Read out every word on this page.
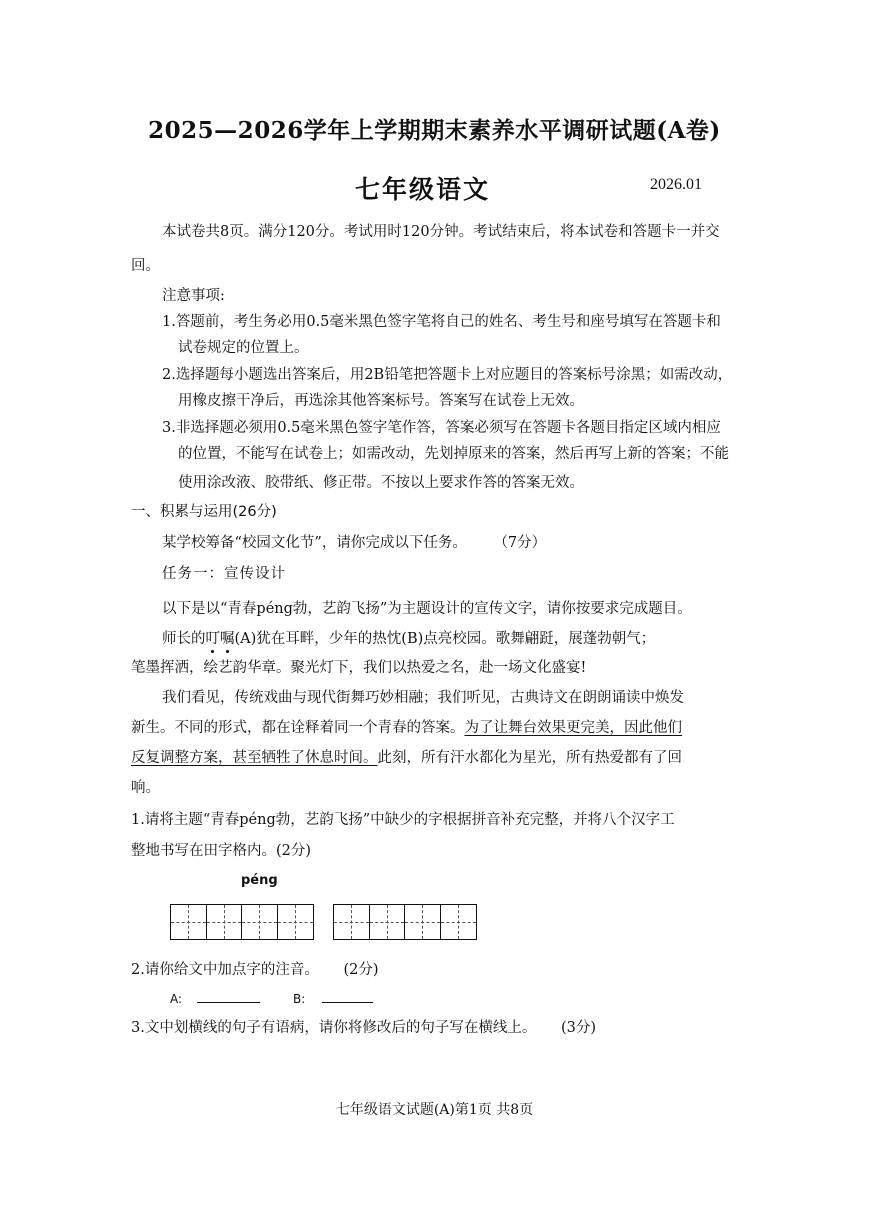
2025—2026学年上学期期末素养水平调研试题(A卷)
七年级语文	2026.01
本试卷共8页。满分120分。考试用时120分钟。考试结束后，将本试卷和答题卡一并交
回。
注意事项:
1.答题前，考生务必用0.5毫米黑色签字笔将自己的姓名、考生号和座号填写在答题卡和
试卷规定的位置上。
2.选择题每小题选出答案后，用2B铅笔把答题卡上对应题目的答案标号涂黑；如需改动，
用橡皮擦干净后，再选涂其他答案标号。答案写在试卷上无效。
3.非选择题必须用0.5毫米黑色签字笔作答，答案必须写在答题卡各题目指定区域内相应
的位置，不能写在试卷上；如需改动，先划掉原来的答案，然后再写上新的答案；不能
使用涂改液、胶带纸、修正带。不按以上要求作答的答案无效。
一、积累与运用(26分)
某学校筹备“校园文化节”，请你完成以下任务。 （7分）
任务一：宣传设计
以下是以“青春péng勃，艺韵飞扬”为主题设计的宣传文字，请你按要求完成题目。
师长的叮嘱(A)犹在耳畔，少年的热忱(B)点亮校园。歌舞翩跹，展蓬勃朝气；
笔墨挥洒，绘艺韵华章。聚光灯下，我们以热爱之名，赴一场文化盛宴!
我们看见，传统戏曲与现代街舞巧妙相融；我们听见，古典诗文在朗朗诵读中焕发
新生。不同的形式，都在诠释着同一个青春的答案。为了让舞台效果更完美，因此他们
反复调整方案，甚至牺牲了休息时间。此刻，所有汗水都化为星光，所有热爱都有了回
响。
1.请将主题“青春péng勃，艺韵飞扬”中缺少的字根据拼音补充完整，并将八个汉字工
整地书写在田字格内。(2分)
péng
2.请你给文中加点字的注音。 (2分)
A:	B:
3.文中划横线的句子有语病，请你将修改后的句子写在横线上。 (3分)
七年级语文试题(A)第1页 共8页
